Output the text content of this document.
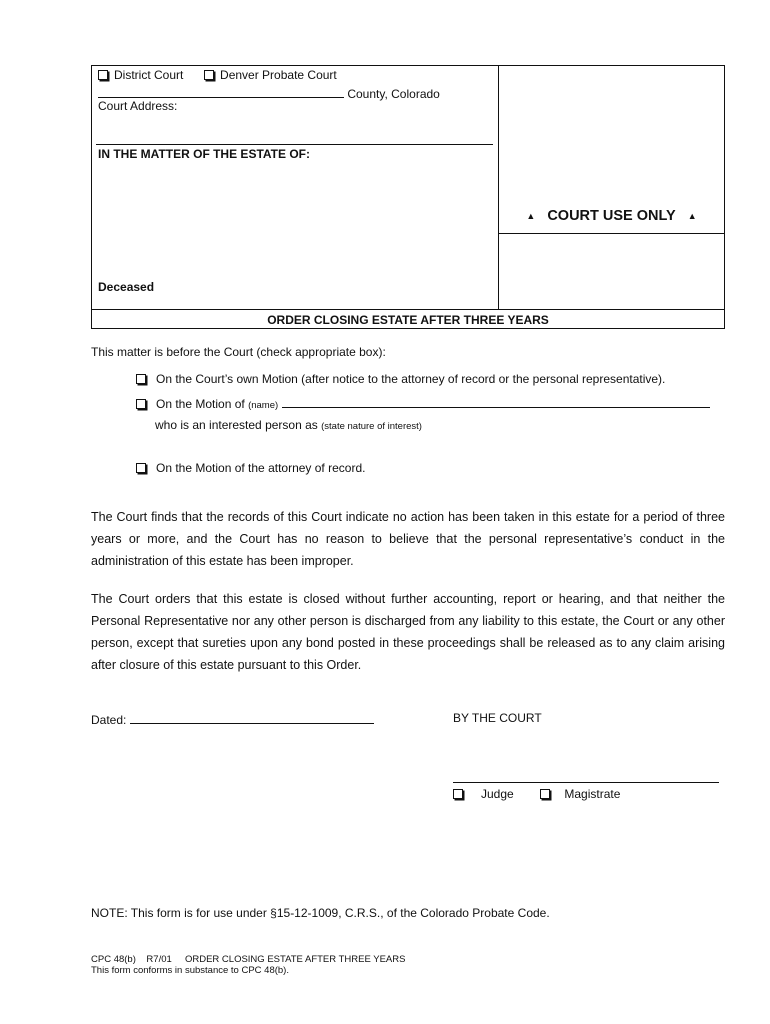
District Court	Denver Probate Court
County, Colorado
Court Address:
IN THE MATTER OF THE ESTATE OF:
Deceased
▲ COURT USE ONLY ▲
ORDER CLOSING ESTATE AFTER THREE YEARS
This matter is before the Court (check appropriate box):
On the Court’s own Motion (after notice to the attorney of record or the personal representative).
On the Motion of (name)
who is an interested person as (state nature of interest)
On the Motion of the attorney of record.
The Court finds that the records of this Court indicate no action has been taken in this estate for a period of three years or more, and the Court has no reason to believe that the personal representative’s conduct in the administration of this estate has been improper.
The Court orders that this estate is closed without further accounting, report or hearing, and that neither the Personal Representative nor any other person is discharged from any liability to this estate, the Court or any other person, except that sureties upon any bond posted in these proceedings shall be released as to any claim arising after closure of this estate pursuant to this Order.
Dated:	BY THE COURT
Judge	Magistrate
NOTE: This form is for use under §15-12-1009, C.R.S., of the Colorado Probate Code.
CPC 48(b)    R7/01     ORDER CLOSING ESTATE AFTER THREE YEARS
This form conforms in substance to CPC 48(b).
